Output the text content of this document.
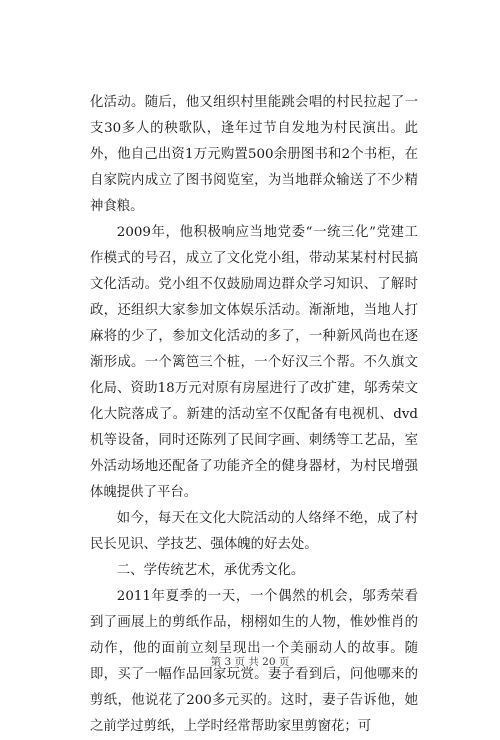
化活动。随后，他又组织村里能跳会唱的村民拉起了一支30多人的秧歌队，逢年过节自发地为村民演出。此外，他自己出资1万元购置500余册图书和2个书柜，在自家院内成立了图书阅览室，为当地群众输送了不少精神食粮。

2009年，他积极响应当地党委“一统三化”党建工作模式的号召，成立了文化党小组，带动某某村村民搞文化活动。党小组不仅鼓励周边群众学习知识、了解时政，还组织大家参加文体娱乐活动。渐渐地，当地人打麻将的少了，参加文化活动的多了，一种新风尚也在逐渐形成。一个篱笆三个桩，一个好汉三个帮。不久旗文化局、资助18万元对原有房屋进行了改扩建，邬秀荣文化大院落成了。新建的活动室不仅配备有电视机、dvd机等设备，同时还陈列了民间字画、刺绣等工艺品，室外活动场地还配备了功能齐全的健身器材，为村民增强体魄提供了平台。

如今，每天在文化大院活动的人络绎不绝，成了村民长见识、学技艺、强体魄的好去处。

二、学传统艺术，承优秀文化。

2011年夏季的一天，一个偶然的机会，邬秀荣看到了画展上的剪纸作品，栩栩如生的人物，惟妙惟肖的动作，他的面前立刻呈现出一个美丽动人的故事。随即，买了一幅作品回家玩赏。妻子看到后，问他哪来的剪纸，他说花了200多元买的。这时，妻子告诉他，她之前学过剪纸，上学时经常帮助家里剪窗花；可

第 3 页 共 20 页
